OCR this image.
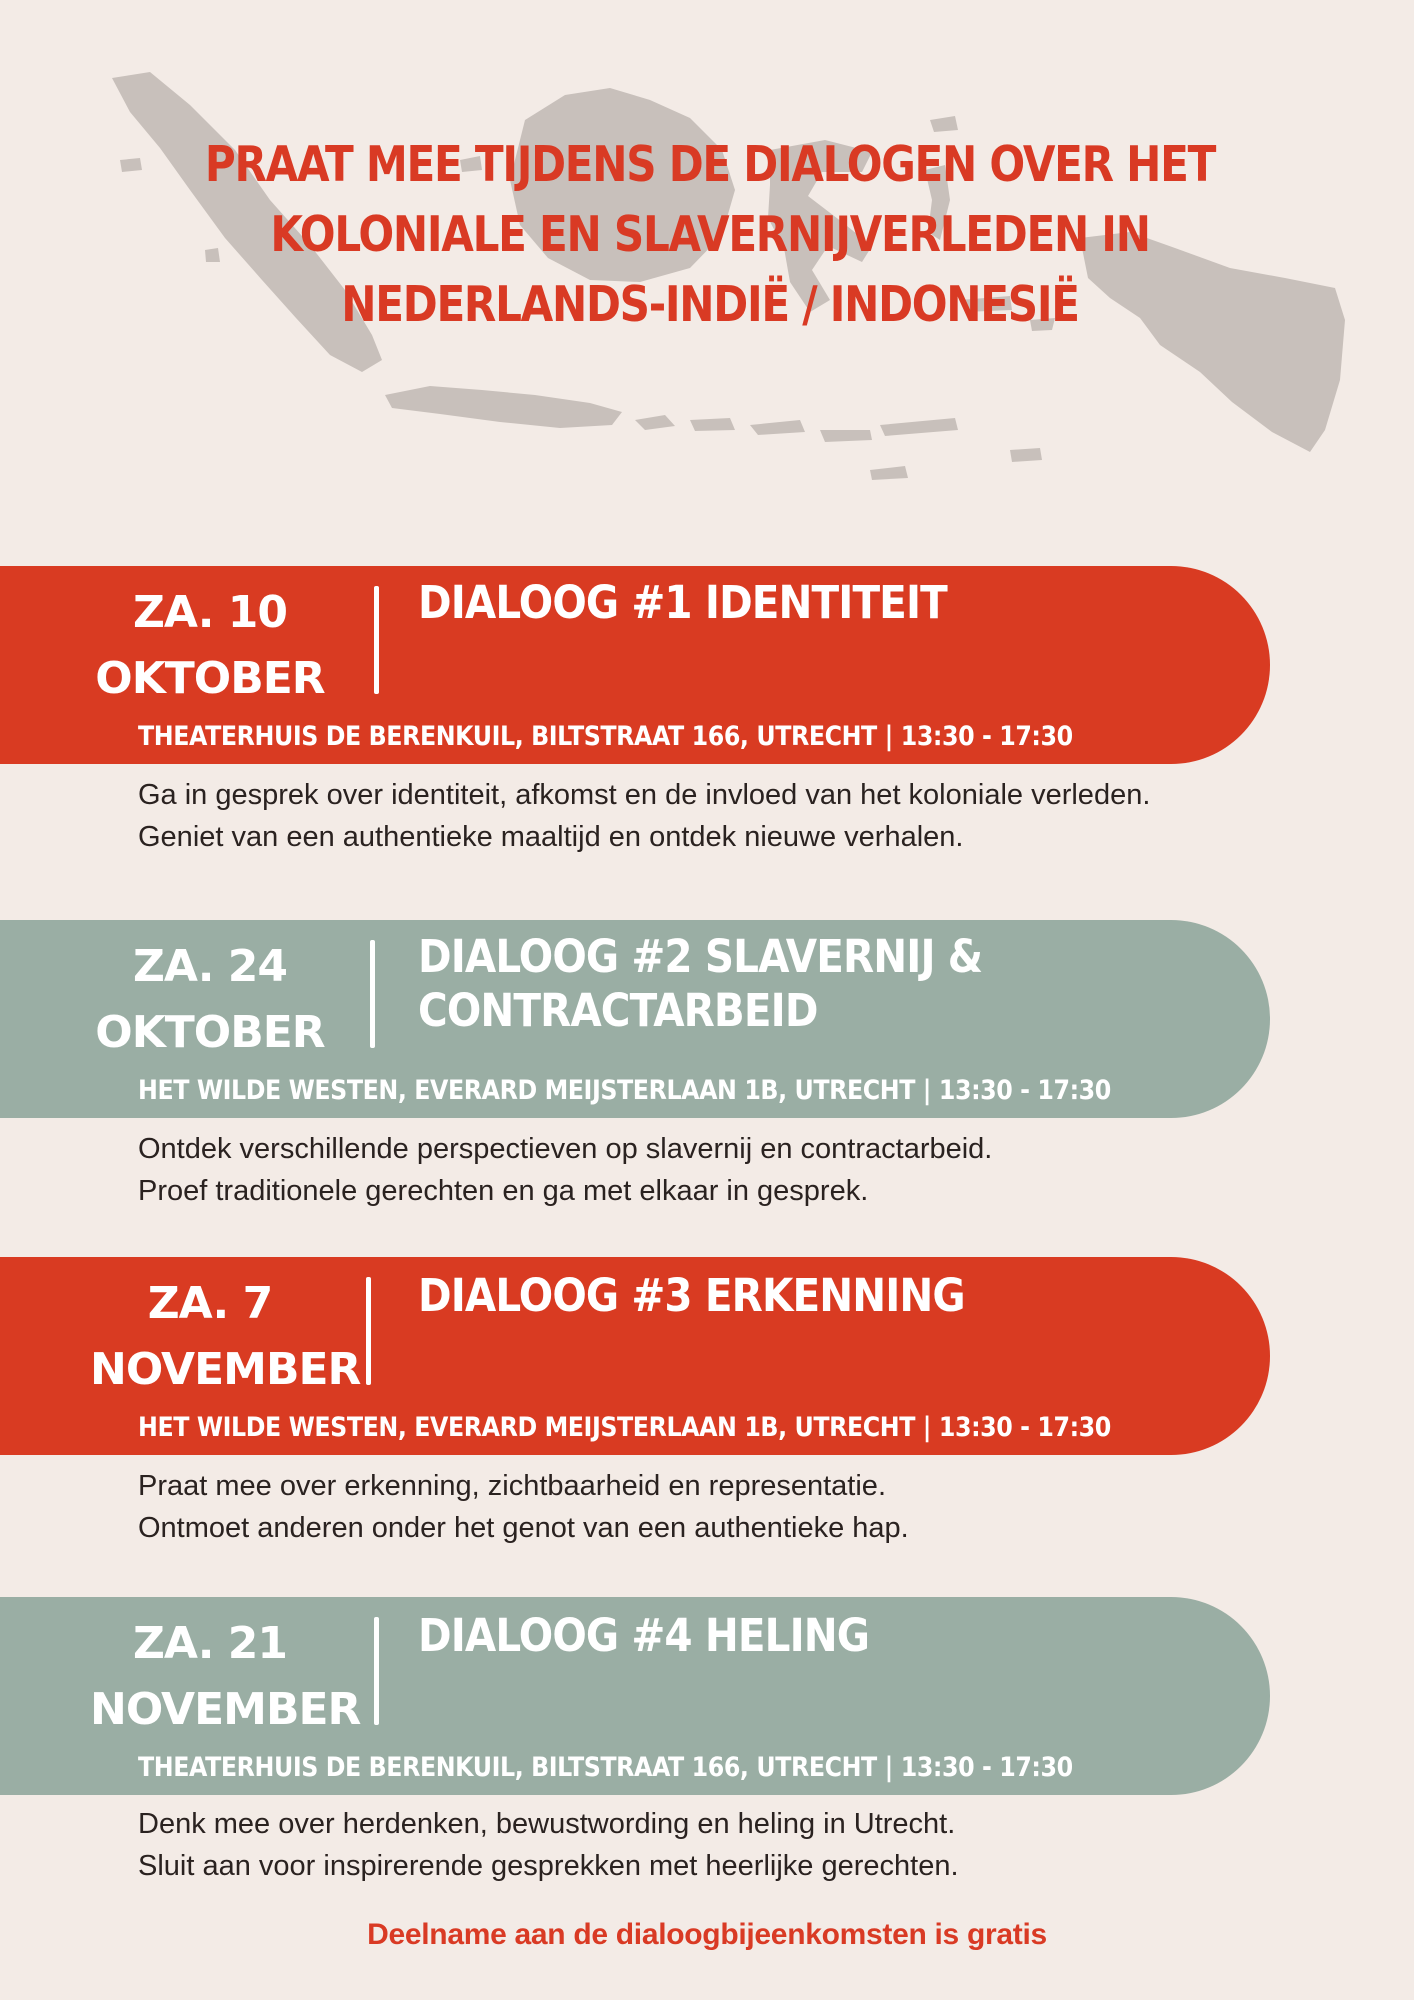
PRAAT MEE TIJDENS DE DIALOGEN OVER HET
KOLONIALE EN SLAVERNIJVERLEDEN IN
NEDERLANDS-INDIË / INDONESIË
ZA. 10
OKTOBER
DIALOOG #1 IDENTITEIT
THEATERHUIS DE BERENKUIL, BILTSTRAAT 166, UTRECHT | 13:30 - 17:30
Ga in gesprek over identiteit, afkomst en de invloed van het koloniale verleden.
Geniet van een authentieke maaltijd en ontdek nieuwe verhalen.
ZA. 24
OKTOBER
DIALOOG #2 SLAVERNIJ &
CONTRACTARBEID
HET WILDE WESTEN, EVERARD MEIJSTERLAAN 1B, UTRECHT | 13:30 - 17:30
Ontdek verschillende perspectieven op slavernij en contractarbeid.
Proef traditionele gerechten en ga met elkaar in gesprek.
ZA. 7
NOVEMBER
DIALOOG #3 ERKENNING
HET WILDE WESTEN, EVERARD MEIJSTERLAAN 1B, UTRECHT | 13:30 - 17:30
Praat mee over erkenning, zichtbaarheid en representatie.
Ontmoet anderen onder het genot van een authentieke hap.
ZA. 21
NOVEMBER
DIALOOG #4 HELING
THEATERHUIS DE BERENKUIL, BILTSTRAAT 166, UTRECHT | 13:30 - 17:30
Denk mee over herdenken, bewustwording en heling in Utrecht.
Sluit aan voor inspirerende gesprekken met heerlijke gerechten.
Deelname aan de dialoogbijeenkomsten is gratis
